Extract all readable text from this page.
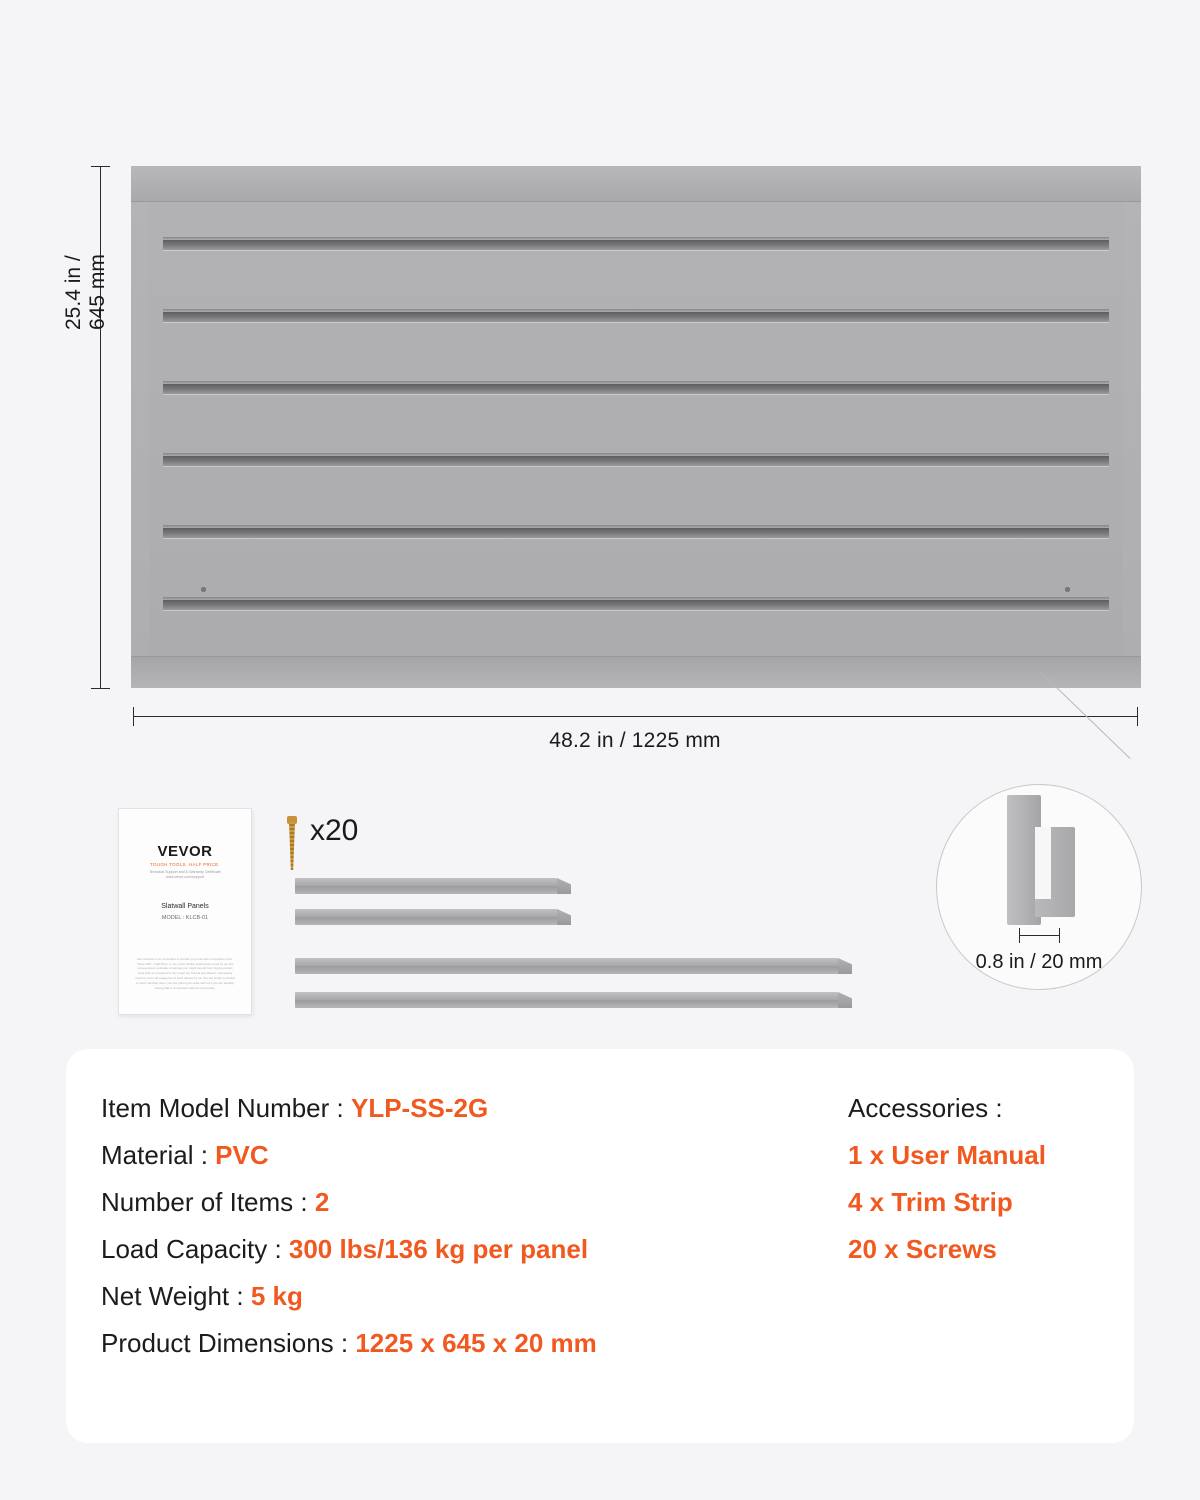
25.4 in / 645 mm
48.2 in / 1225 mm
0.8 in / 20 mm
VEVOR
TOUGH TOOLS. HALF PRICE.
Technical Support and E-Warranty Certificate www.vevor.com/support
Slatwall Panels
MODEL : KLCB-01
We continue to be committed to provide you tools with competitive price. "Save Half", "Half Price" or any other similar expressions used by us only represents an estimate of savings you might benefit from buying certain tools with us compared to the major top brands and doesn't necessarily mean to cover all categories of tools offered by us. You are kindly reminded to verify carefully when you are placing an order with us if you are actually saving half in comparison with the top brands.
x20
Item Model Number : YLP-SS-2G
Material : PVC
Number of Items : 2
Load Capacity : 300 lbs/136 kg per panel
Net Weight : 5 kg
Product Dimensions : 1225 x 645 x 20 mm
Accessories :
1 x User Manual
4 x Trim Strip
20 x Screws
